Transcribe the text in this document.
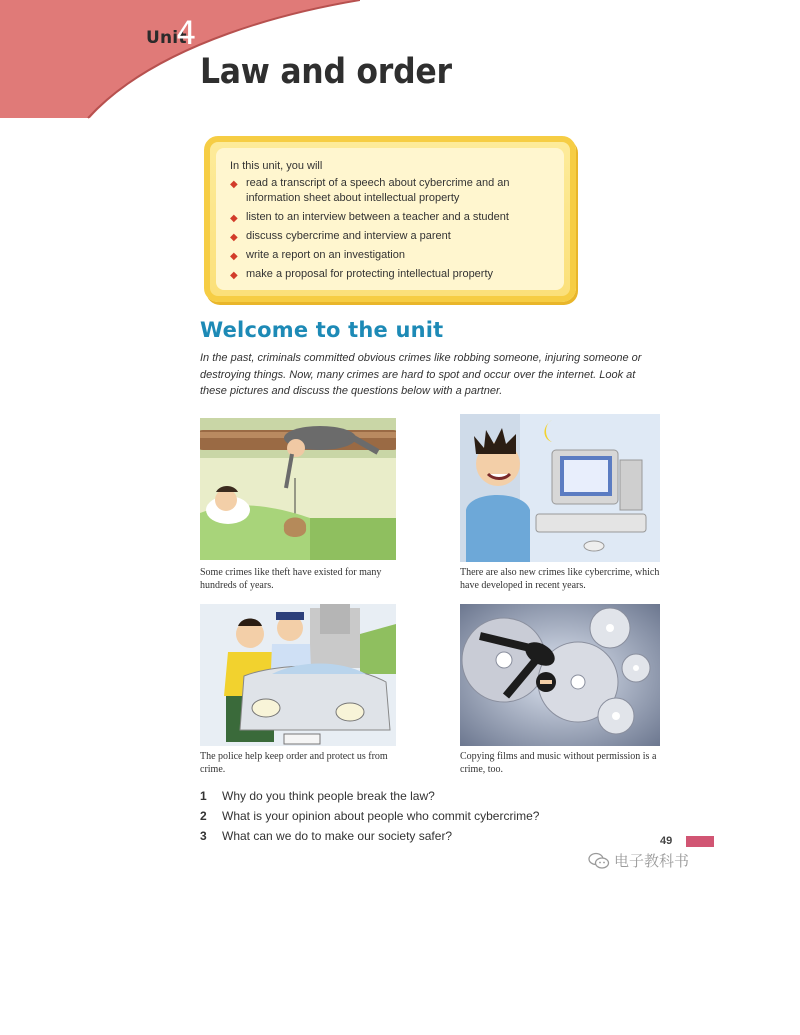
Unit
4
Law and order
In this unit, you will
◆ read a transcript of a speech about cybercrime and an information sheet about intellectual property
◆ listen to an interview between a teacher and a student
◆ discuss cybercrime and interview a parent
◆ write a report on an investigation
◆ make a proposal for protecting intellectual property
Welcome to the unit
In the past, criminals committed obvious crimes like robbing someone, injuring someone or destroying things. Now, many crimes are hard to spot and occur over the internet. Look at these pictures and discuss the questions below with a partner.
Some crimes like theft have existed for many hundreds of years.
There are also new crimes like cybercrime, which have developed in recent years.
The police help keep order and protect us from crime.
Copying films and music without permission is a crime, too.
1 Why do you think people break the law?
2 What is your opinion about people who commit cybercrime?
3 What can we do to make our society safer?	49
电子教科书
